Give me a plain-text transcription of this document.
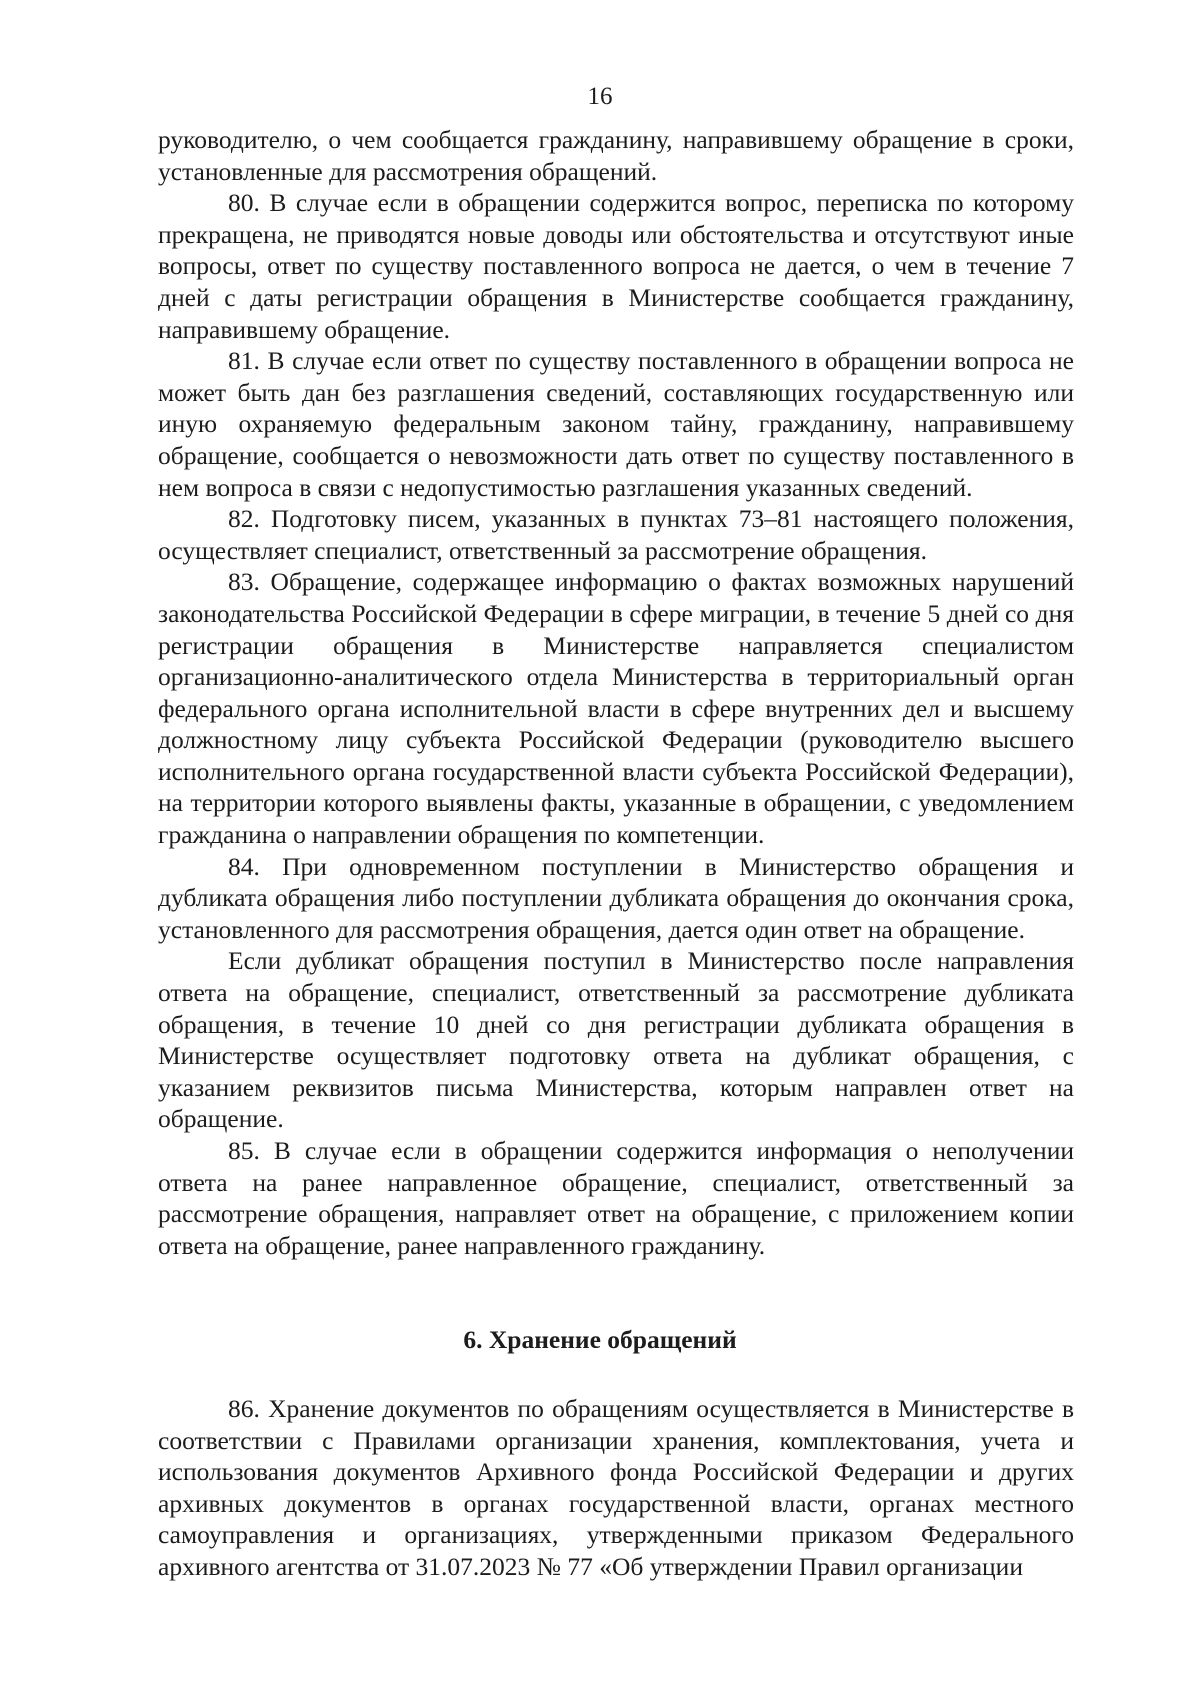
16

руководителю, о чем сообщается гражданину, направившему обращение в сроки, установленные для рассмотрения обращений.

80. В случае если в обращении содержится вопрос, переписка по которому прекращена, не приводятся новые доводы или обстоятельства и отсутствуют иные вопросы, ответ по существу поставленного вопроса не дается, о чем в течение 7 дней с даты регистрации обращения в Министерстве сообщается гражданину, направившему обращение.

81. В случае если ответ по существу поставленного в обращении вопроса не может быть дан без разглашения сведений, составляющих государственную или иную охраняемую федеральным законом тайну, гражданину, направившему обращение, сообщается о невозможности дать ответ по существу поставленного в нем вопроса в связи с недопустимостью разглашения указанных сведений.

82. Подготовку писем, указанных в пунктах 73–81 настоящего положения, осуществляет специалист, ответственный за рассмотрение обращения.

83. Обращение, содержащее информацию о фактах возможных нарушений законодательства Российской Федерации в сфере миграции, в течение 5 дней со дня регистрации обращения в Министерстве направляется специалистом организационно-аналитического отдела Министерства в территориальный орган федерального органа исполнительной власти в сфере внутренних дел и высшему должностному лицу субъекта Российской Федерации (руководителю высшего исполнительного органа государственной власти субъекта Российской Федерации), на территории которого выявлены факты, указанные в обращении, с уведомлением гражданина о направлении обращения по компетенции.

84. При одновременном поступлении в Министерство обращения и дубликата обращения либо поступлении дубликата обращения до окончания срока, установленного для рассмотрения обращения, дается один ответ на обращение.

Если дубликат обращения поступил в Министерство после направления ответа на обращение, специалист, ответственный за рассмотрение дубликата обращения, в течение 10 дней со дня регистрации дубликата обращения в Министерстве осуществляет подготовку ответа на дубликат обращения, с указанием реквизитов письма Министерства, которым направлен ответ на обращение.

85. В случае если в обращении содержится информация о неполучении ответа на ранее направленное обращение, специалист, ответственный за рассмотрение обращения, направляет ответ на обращение, с приложением копии ответа на обращение, ранее направленного гражданину.

6. Хранение обращений

86. Хранение документов по обращениям осуществляется в Министерстве в соответствии с Правилами организации хранения, комплектования, учета и использования документов Архивного фонда Российской Федерации и других архивных документов в органах государственной власти, органах местного самоуправления и организациях, утвержденными приказом Федерального архивного агентства от 31.07.2023 № 77 «Об утверждении Правил организации
